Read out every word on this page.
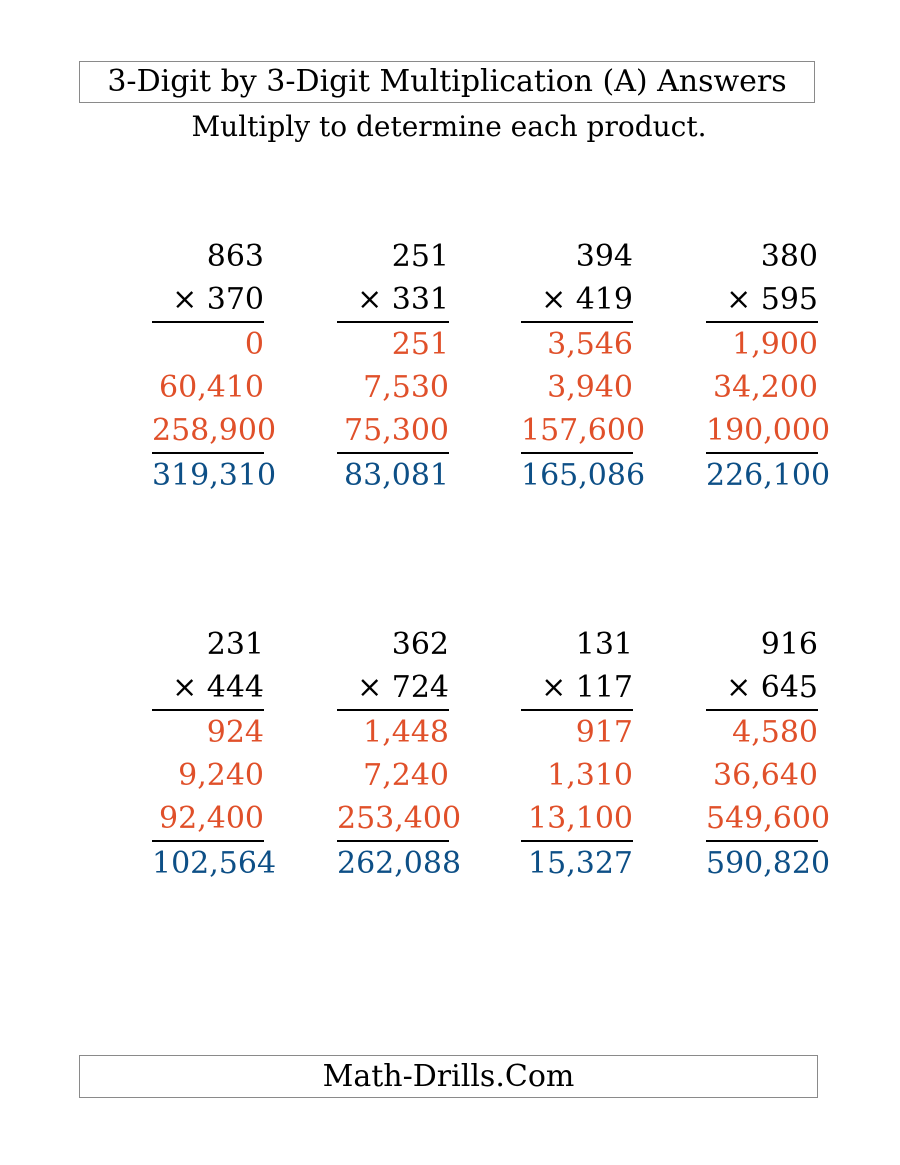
3-Digit by 3-Digit Multiplication (A) Answers
Multiply to determine each product.
863
× 370
0
60,410
258,900
319,310
251
× 331
251
7,530
75,300
83,081
394
× 419
3,546
3,940
157,600
165,086
380
× 595
1,900
34,200
190,000
226,100
231
× 444
924
9,240
92,400
102,564
362
× 724
1,448
7,240
253,400
262,088
131
× 117
917
1,310
13,100
15,327
916
× 645
4,580
36,640
549,600
590,820
Math-Drills.Com
